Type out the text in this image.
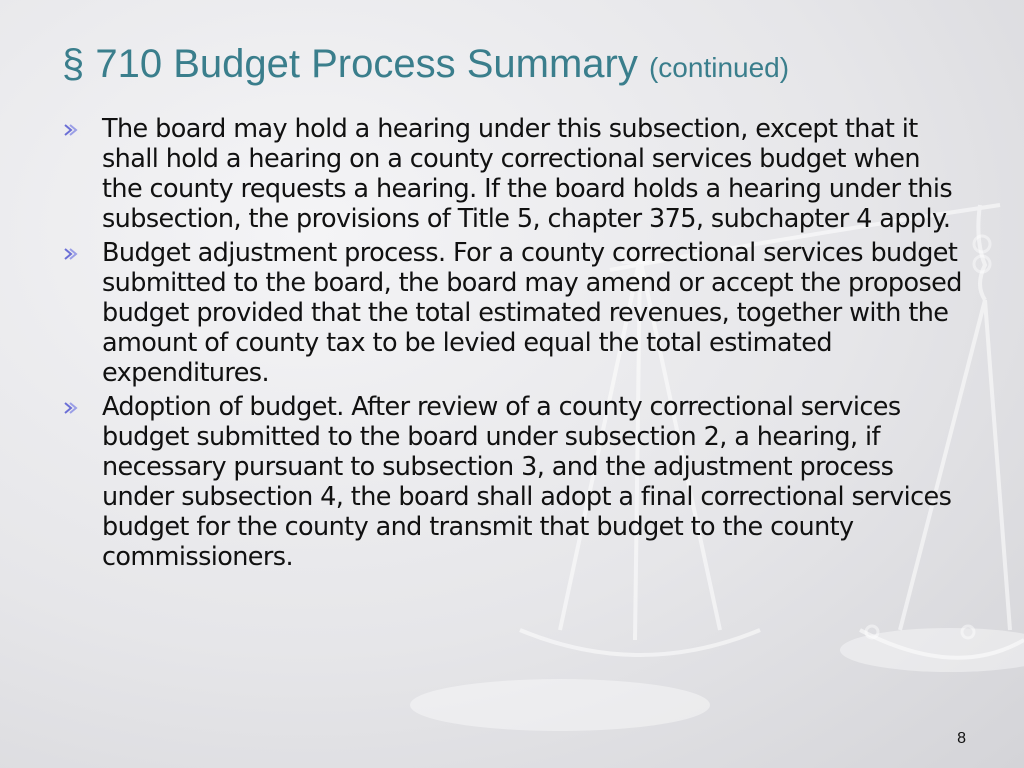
§ 710 Budget Process Summary (continued)
The board may hold a hearing under this subsection, except that it shall hold a hearing on a county correctional services budget when the county requests a hearing. If the board holds a hearing under this subsection, the provisions of Title 5, chapter 375, subchapter 4 apply.
Budget adjustment process. For a county correctional services budget submitted to the board, the board may amend or accept the proposed budget provided that the total estimated revenues, together with the amount of county tax to be levied equal the total estimated expenditures.
Adoption of budget. After review of a county correctional services budget submitted to the board under subsection 2, a hearing, if necessary pursuant to subsection 3, and the adjustment process under subsection 4, the board shall adopt a final correctional services budget for the county and transmit that budget to the county commissioners.
8
